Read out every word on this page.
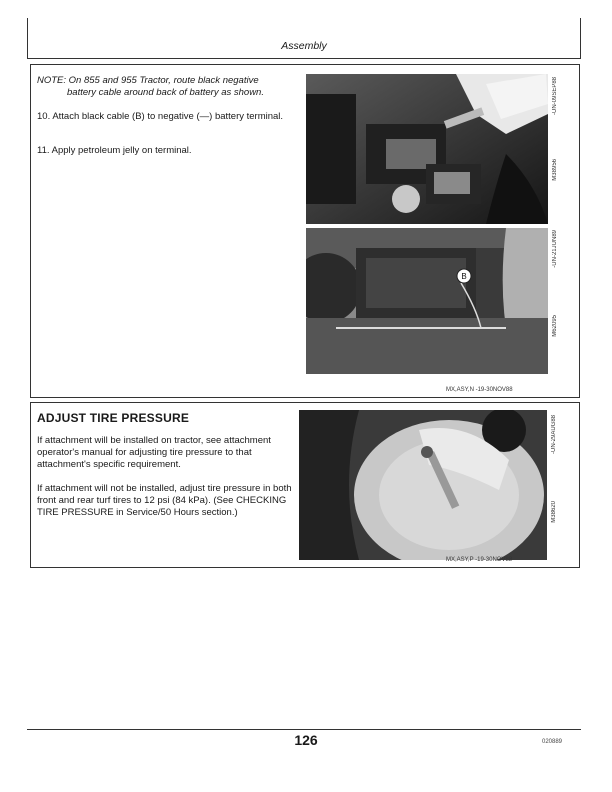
Assembly
NOTE: On 855 and 955 Tractor, route black negative
battery cable around back of battery as shown.
10. Attach black cable (B) to negative (—) battery terminal.
11. Apply petroleum jelly on terminal.
M38956
-UN-09SEP88
B
M62095
-UN-21JUN89
MX,ASY,N -19-30NOV88
ADJUST TIRE PRESSURE
If attachment will be installed on tractor, see attachment operator's manual for adjusting tire pressure to that attachment's specific requirement.
If attachment will not be installed, adjust tire pressure in both front and rear turf tires to 12 psi (84 kPa). (See CHECKING TIRE PRESSURE in Service/50 Hours section.)	M38620
-UN-29AUG88
MX,ASY,P -19-30NOV88
126	020889
